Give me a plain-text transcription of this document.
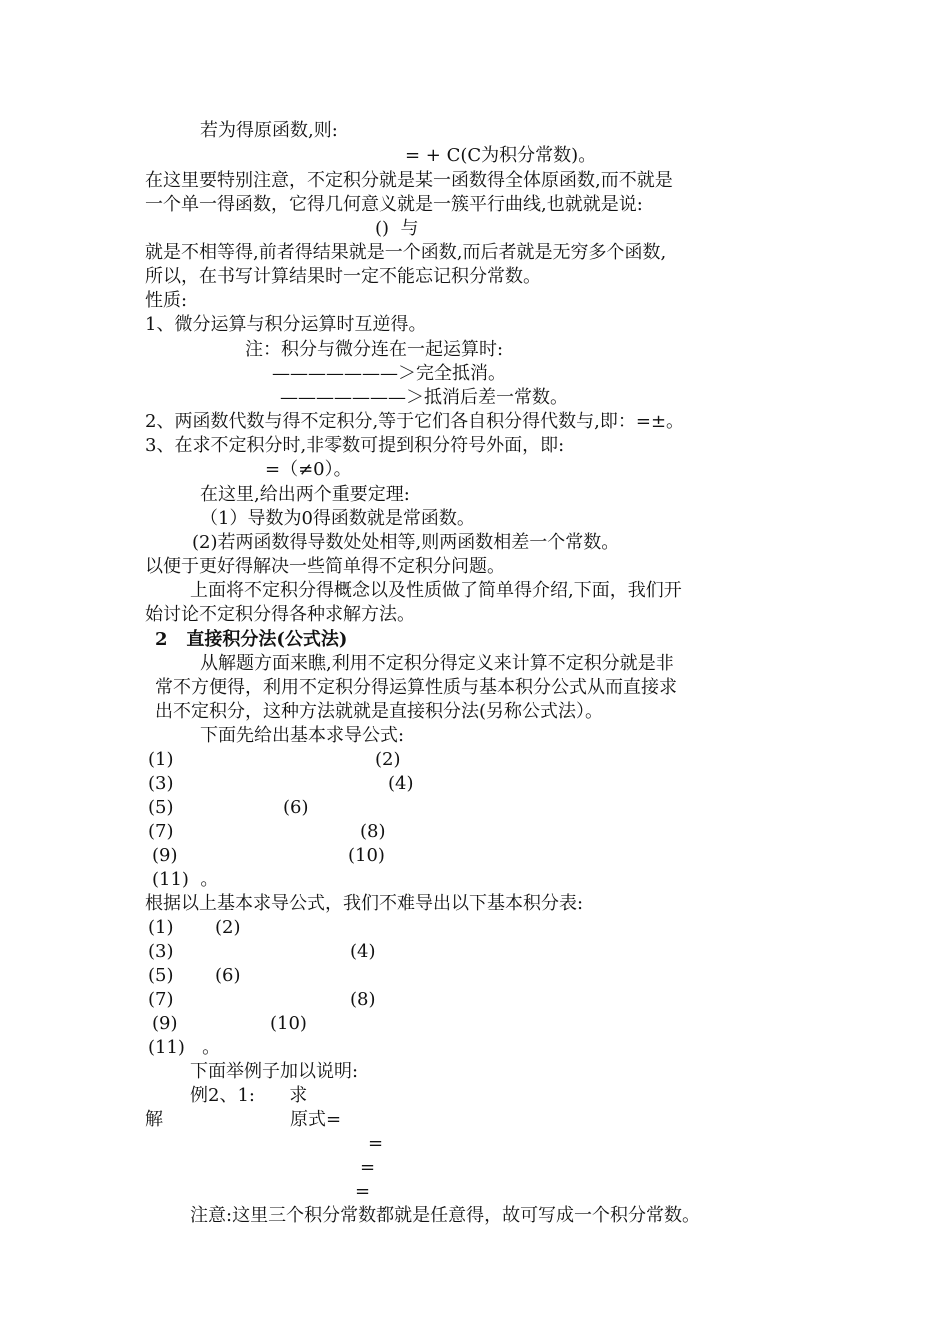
若为得原函数,则:
= + C(C为积分常数)。
在这里要特别注意，不定积分就是某一函数得全体原函数,而不就是
一个单一得函数，它得几何意义就是一簇平行曲线,也就就是说:
()  与
就是不相等得,前者得结果就是一个函数,而后者就是无穷多个函数,
所以，在书写计算结果时一定不能忘记积分常数。
性质:
1、微分运算与积分运算时互逆得。
注：积分与微分连在一起运算时:
———————＞完全抵消。
———————＞抵消后差一常数。
2、两函数代数与得不定积分,等于它们各自积分得代数与,即：=±。
3、在求不定积分时,非零数可提到积分符号外面，即:
=（≠0）。
在这里,给出两个重要定理:
（1）导数为0得函数就是常函数。
(2)若两函数得导数处处相等,则两函数相差一个常数。
以便于更好得解决一些简单得不定积分问题。
上面将不定积分得概念以及性质做了简单得介绍,下面，我们开
始讨论不定积分得各种求解方法。
2   直接积分法(公式法)
从解题方面来瞧,利用不定积分得定义来计算不定积分就是非
常不方便得，利用不定积分得运算性质与基本积分公式从而直接求
出不定积分，这种方法就就是直接积分法(另称公式法）。
下面先给出基本求导公式:
(1)	(2)
(3)	(4)
(5)	(6)
(7)	(8)
(9)	(10)
(11)  。
根据以上基本求导公式，我们不难导出以下基本积分表:
(1) (2)
(3)	(4)
(5) (6)
(7)	(8)
(9)	(10)
(11)   。
下面举例子加以说明:
例2、1:      求
解	原式=
=
=
=
注意:这里三个积分常数都就是任意得，故可写成一个积分常数。
